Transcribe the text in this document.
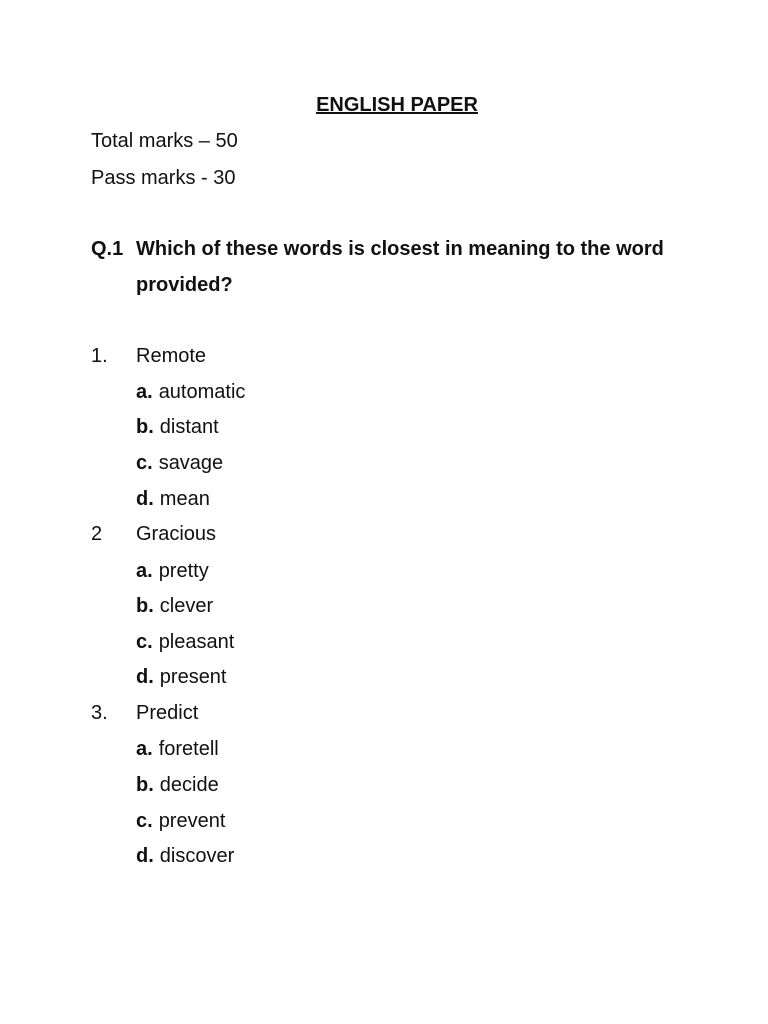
ENGLISH PAPER
Total marks – 50
Pass marks - 30
Q.1 Which of these words is closest in meaning to the word
provided?
1. Remote
a. automatic
b. distant
c. savage
d. mean
2 Gracious
a. pretty
b. clever
c. pleasant
d. present
3. Predict
a. foretell
b. decide
c. prevent
d. discover
